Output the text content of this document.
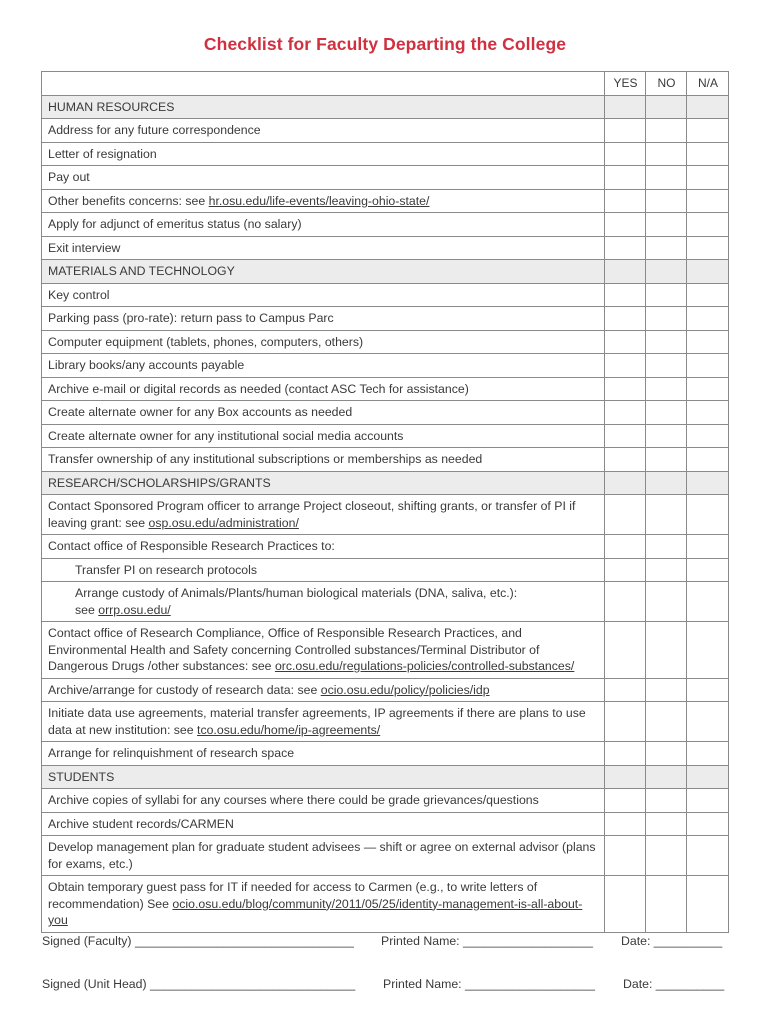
Checklist for Faculty Departing the College
	YES	NO	N/A
HUMAN RESOURCES			
Address for any future correspondence			
Letter of resignation			
Pay out			
Other benefits concerns: see hr.osu.edu/life-events/leaving-ohio-state/			
Apply for adjunct of emeritus status (no salary)			
Exit interview			
MATERIALS AND TECHNOLOGY			
Key control			
Parking pass (pro-rate): return pass to Campus Parc			
Computer equipment (tablets, phones, computers, others)			
Library books/any accounts payable			
Archive e-mail or digital records as needed (contact ASC Tech for assistance)			
Create alternate owner for any Box accounts as needed			
Create alternate owner for any institutional social media accounts			
Transfer ownership of any institutional subscriptions or memberships as needed			
RESEARCH/SCHOLARSHIPS/GRANTS			
Contact Sponsored Program officer to arrange Project closeout, shifting grants, or transfer of PI if leaving grant: see osp.osu.edu/administration/			
Contact office of Responsible Research Practices to:			
Transfer PI on research protocols			
Arrange custody of Animals/Plants/human biological materials (DNA, saliva, etc.):
see orrp.osu.edu/			
Contact office of Research Compliance, Office of Responsible Research Practices, and Environmental Health and Safety concerning Controlled substances/Terminal Distributor of Dangerous Drugs /other substances: see orc.osu.edu/regulations-policies/controlled-substances/			
Archive/arrange for custody of research data: see ocio.osu.edu/policy/policies/idp			
Initiate data use agreements, material transfer agreements, IP agreements if there are plans to use data at new institution: see tco.osu.edu/home/ip-agreements/			
Arrange for relinquishment of research space			
STUDENTS			
Archive copies of syllabi for any courses where there could be grade grievances/questions			
Archive student records/CARMEN			
Develop management plan for graduate student advisees — shift or agree on external advisor (plans for exams, etc.)			
Obtain temporary guest pass for IT if needed for access to Carmen (e.g., to write letters of recommendation) See ocio.osu.edu/blog/community/2011/05/25/identity-management-is-all-about-you			
Signed (Faculty) ________________________________ Printed Name: ___________________ Date: __________
Signed (Unit Head) ______________________________ Printed Name: ___________________ Date: __________
